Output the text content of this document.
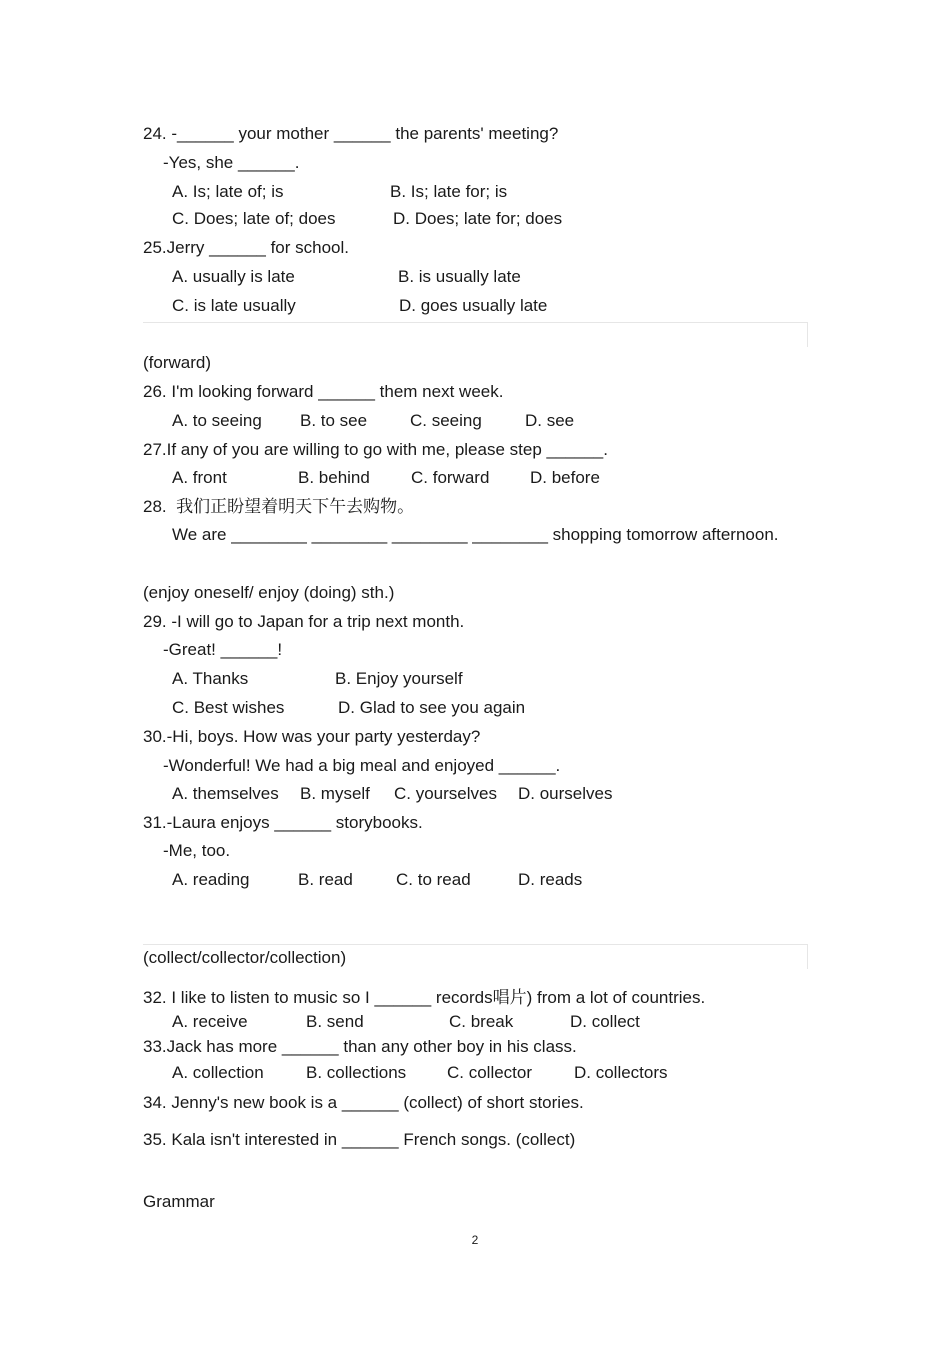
24. -______ your mother ______ the parents' meeting?
-Yes, she ______.
A. Is; late of; is	B. Is; late for; is
C. Does; late of; does	D. Does; late for; does
25.Jerry ______ for school.
A. usually is late	B. is usually late
C. is late usually	D. goes usually late
(forward)
26. I'm looking forward ______ them next week.
A. to seeing B. to see	C. seeing	D. see
27.If any of you are willing to go with me, please step ______.
A. front	B. behind C. forward D. before
28.  我们正盼望着明天下午去购物。
We are ________ ________ ________ ________ shopping tomorrow afternoon.
(enjoy oneself/ enjoy (doing) sth.)
29. -I will go to Japan for a trip next month.
-Great! ______!
A. Thanks	B. Enjoy yourself
C. Best wishes	D. Glad to see you again
30.-Hi, boys. How was your party yesterday?
-Wonderful! We had a big meal and enjoyed ______.
A. themselves B. myself C. yourselves D. ourselves
31.-Laura enjoys ______ storybooks.
-Me, too.
A. reading	B. read	C. to read	D. reads
(collect/collector/collection)
32. I like to listen to music so I ______ records唱片) from a lot of countries.
A. receive	B. send	C. break	D. collect
33.Jack has more ______ than any other boy in his class.
A. collection B. collections C. collector D. collectors
34. Jenny's new book is a ______ (collect) of short stories.
35. Kala isn't interested in ______ French songs. (collect)
Grammar
2
